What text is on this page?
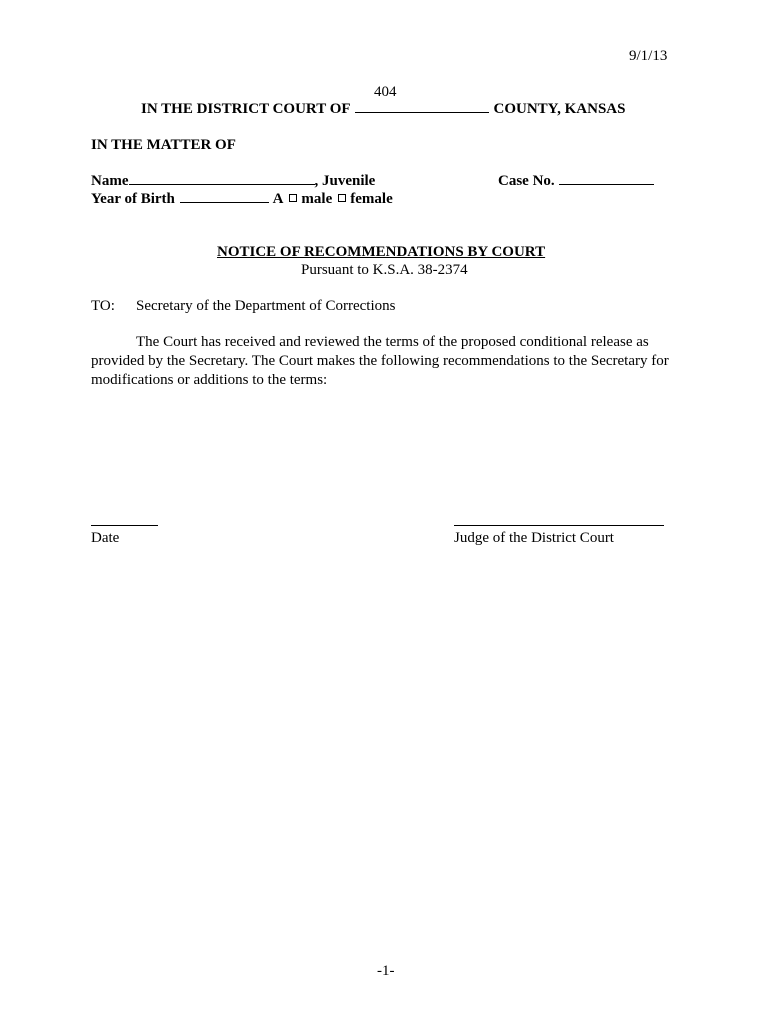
9/1/13
404
IN THE DISTRICT COURT OF	COUNTY, KANSAS
IN THE MATTER OF
Name	, Juvenile	Case No.
Year of Birth	A male female
NOTICE OF RECOMMENDATIONS BY COURT
Pursuant to K.S.A. 38-2374
TO: Secretary of the Department of Corrections
The Court has received and reviewed the terms of the proposed conditional release as provided by the Secretary. The Court makes the following recommendations to the Secretary for modifications or additions to the terms:
Date	Judge of the District Court
-1-
